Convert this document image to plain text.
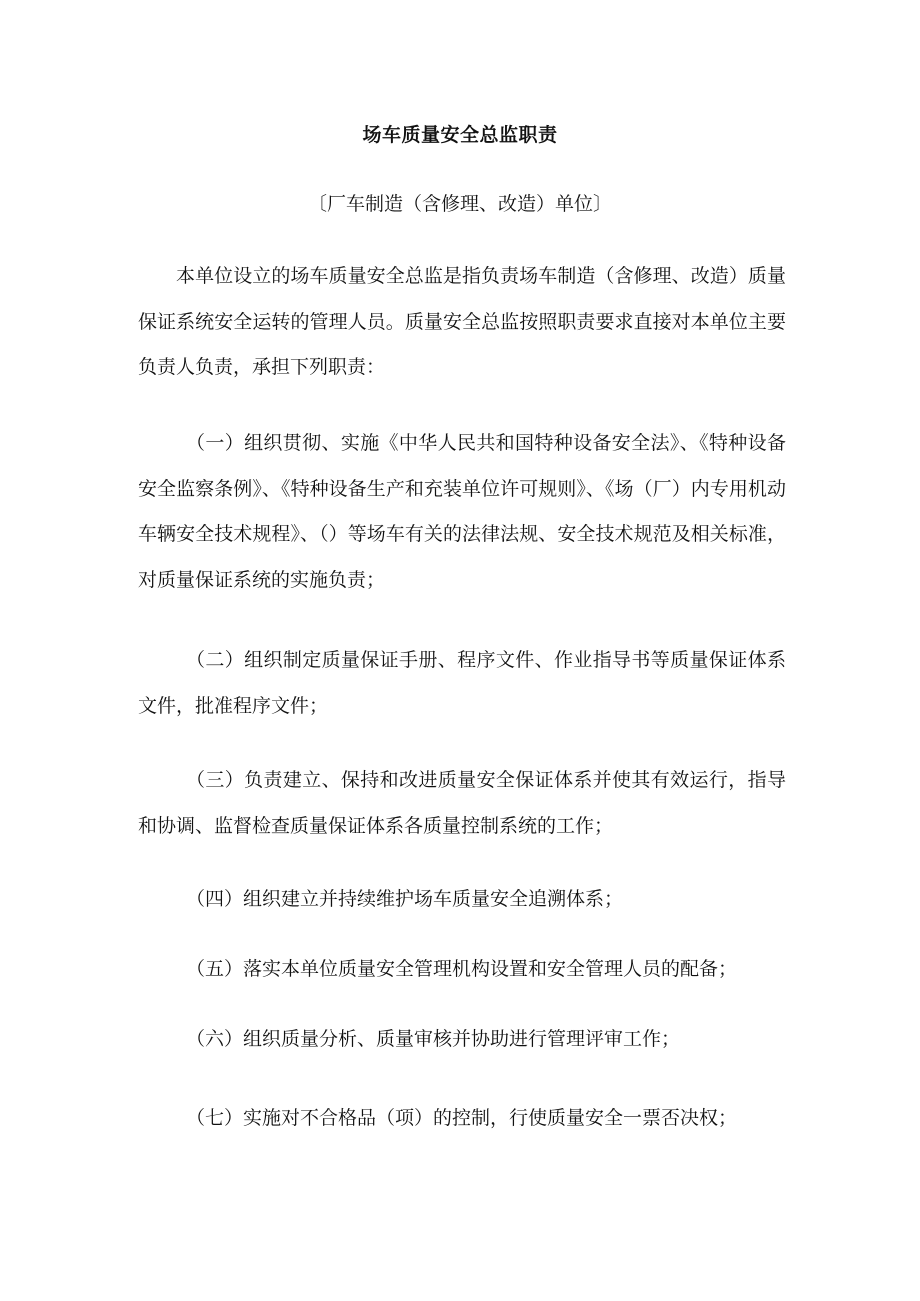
场车质量安全总监职责
〔厂车制造（含修理、改造）单位〕

本单位设立的场车质量安全总监是指负责场车制造（含修理、改造）质量保证系统安全运转的管理人员。质量安全总监按照职责要求直接对本单位主要负责人负责，承担下列职责：

（一）组织贯彻、实施《中华人民共和国特种设备安全法》、《特种设备安全监察条例》、《特种设备生产和充装单位许可规则》、《场（厂）内专用机动车辆安全技术规程》、（）等场车有关的法律法规、安全技术规范及相关标准，对质量保证系统的实施负责；

（二）组织制定质量保证手册、程序文件、作业指导书等质量保证体系文件，批准程序文件；

（三）负责建立、保持和改进质量安全保证体系并使其有效运行，指导和协调、监督检查质量保证体系各质量控制系统的工作；

（四）组织建立并持续维护场车质量安全追溯体系；

（五）落实本单位质量安全管理机构设置和安全管理人员的配备；

（六）组织质量分析、质量审核并协助进行管理评审工作；

（七）实施对不合格品（项）的控制，行使质量安全一票否决权；
